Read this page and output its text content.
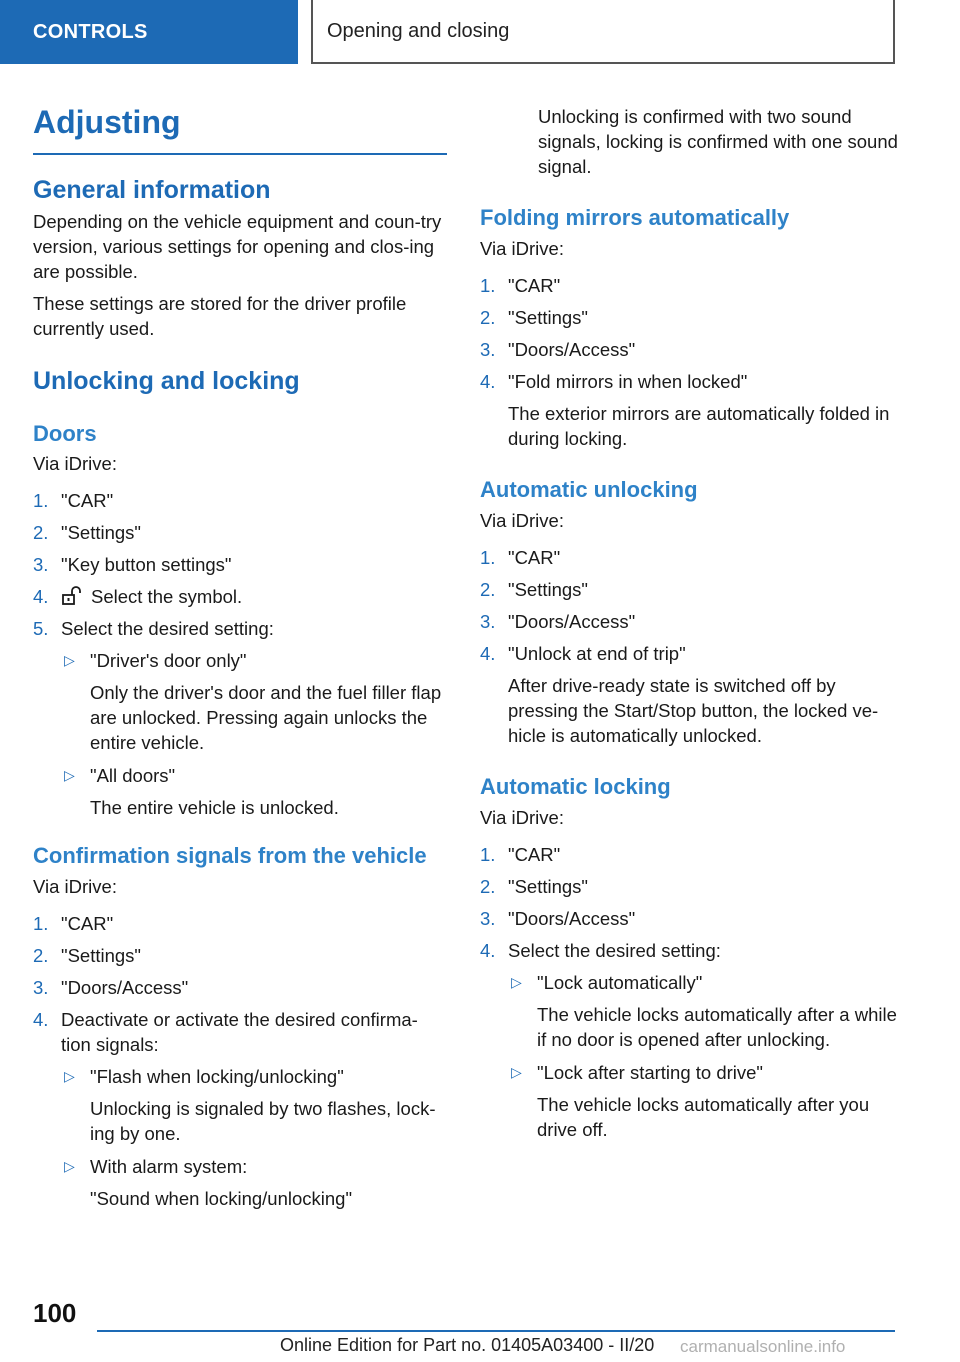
CONTROLS	Opening and closing
Adjusting
General information

Depending on the vehicle equipment and coun‐try version, various settings for opening and clos‐ing are possible.

These settings are stored for the driver profile currently used.

Unlocking and locking
Doors

Via iDrive:

1. "CAR"
2. "Settings"
3. "Key button settings"
4. Select the symbol.
5. Select the desired setting:
▷ "Driver's door only"
Only the driver's door and the fuel filler flap are unlocked. Pressing again unlocks the entire vehicle.
▷ "All doors"
The entire vehicle is unlocked.
Confirmation signals from the vehicle

Via iDrive:

1. "CAR"
2. "Settings"
3. "Doors/Access"
4. Deactivate or activate the desired confirma‐tion signals:
▷ "Flash when locking/unlocking"
Unlocking is signaled by two flashes, lock‐ing by one.
▷ With alarm system:
"Sound when locking/unlocking"

Unlocking is confirmed with two sound signals, locking is confirmed with one sound signal.

Folding mirrors automatically

Via iDrive:

1. "CAR"
2. "Settings"
3. "Doors/Access"
4. "Fold mirrors in when locked"
The exterior mirrors are automatically folded in during locking.
Automatic unlocking

Via iDrive:

1. "CAR"
2. "Settings"
3. "Doors/Access"
4. "Unlock at end of trip"
After drive-ready state is switched off by pressing the Start/Stop button, the locked ve‐hicle is automatically unlocked.
Automatic locking

Via iDrive:

1. "CAR"
2. "Settings"
3. "Doors/Access"
4. Select the desired setting:
▷ "Lock automatically"
The vehicle locks automatically after a while if no door is opened after unlocking.
▷ "Lock after starting to drive"
The vehicle locks automatically after you drive off.
100
Online Edition for Part no. 01405A03400 - II/20 carmanualsonline.info
